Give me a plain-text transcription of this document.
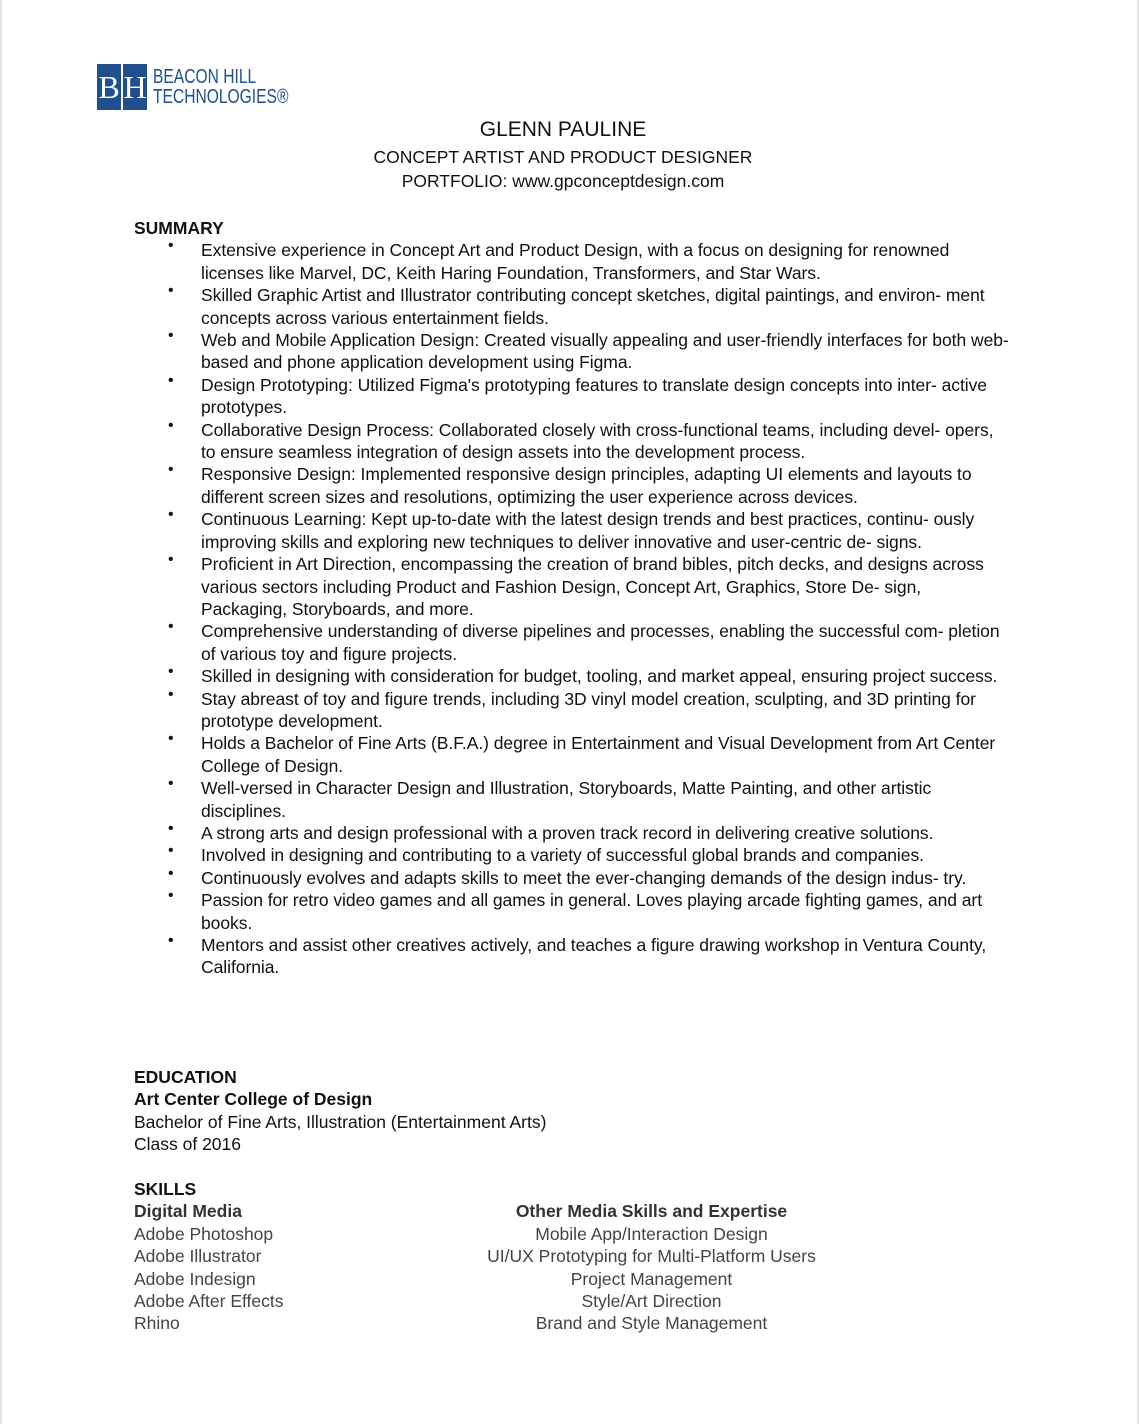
B H BEACON HILL
TECHNOLOGIES®
GLENN PAULINE
CONCEPT ARTIST AND PRODUCT DESIGNER
PORTFOLIO: www.gpconceptdesign.com
SUMMARY
• Extensive experience in Concept Art and Product Design, with a focus on designing for renowned licenses like Marvel, DC, Keith Haring Foundation, Transformers, and Star Wars.
• Skilled Graphic Artist and Illustrator contributing concept sketches, digital paintings, and environ- ment concepts across various entertainment fields.
• Web and Mobile Application Design: Created visually appealing and user-friendly interfaces for both web-based and phone application development using Figma.
• Design Prototyping: Utilized Figma's prototyping features to translate design concepts into inter- active prototypes.
• Collaborative Design Process: Collaborated closely with cross-functional teams, including devel- opers, to ensure seamless integration of design assets into the development process.
• Responsive Design: Implemented responsive design principles, adapting UI elements and layouts to different screen sizes and resolutions, optimizing the user experience across devices.
• Continuous Learning: Kept up-to-date with the latest design trends and best practices, continu- ously improving skills and exploring new techniques to deliver innovative and user-centric de- signs.
• Proficient in Art Direction, encompassing the creation of brand bibles, pitch decks, and designs across various sectors including Product and Fashion Design, Concept Art, Graphics, Store De- sign, Packaging, Storyboards, and more.
• Comprehensive understanding of diverse pipelines and processes, enabling the successful com- pletion of various toy and figure projects.
• Skilled in designing with consideration for budget, tooling, and market appeal, ensuring project success.
• Stay abreast of toy and figure trends, including 3D vinyl model creation, sculpting, and 3D printing for prototype development.
• Holds a Bachelor of Fine Arts (B.F.A.) degree in Entertainment and Visual Development from Art Center College of Design.
• Well-versed in Character Design and Illustration, Storyboards, Matte Painting, and other artistic disciplines.
• A strong arts and design professional with a proven track record in delivering creative solutions.
• Involved in designing and contributing to a variety of successful global brands and companies.
• Continuously evolves and adapts skills to meet the ever-changing demands of the design indus- try.
• Passion for retro video games and all games in general. Loves playing arcade fighting games, and art books.
• Mentors and assist other creatives actively, and teaches a figure drawing workshop in Ventura County, California.
EDUCATION
Art Center College of Design
Bachelor of Fine Arts, Illustration (Entertainment Arts)
Class of 2016
SKILLS
Digital Media
Adobe Photoshop
Adobe Illustrator
Adobe Indesign
Adobe After Effects
Rhino
Other Media Skills and Expertise
Mobile App/Interaction Design
UI/UX Prototyping for Multi-Platform Users
Project Management
Style/Art Direction
Brand and Style Management
